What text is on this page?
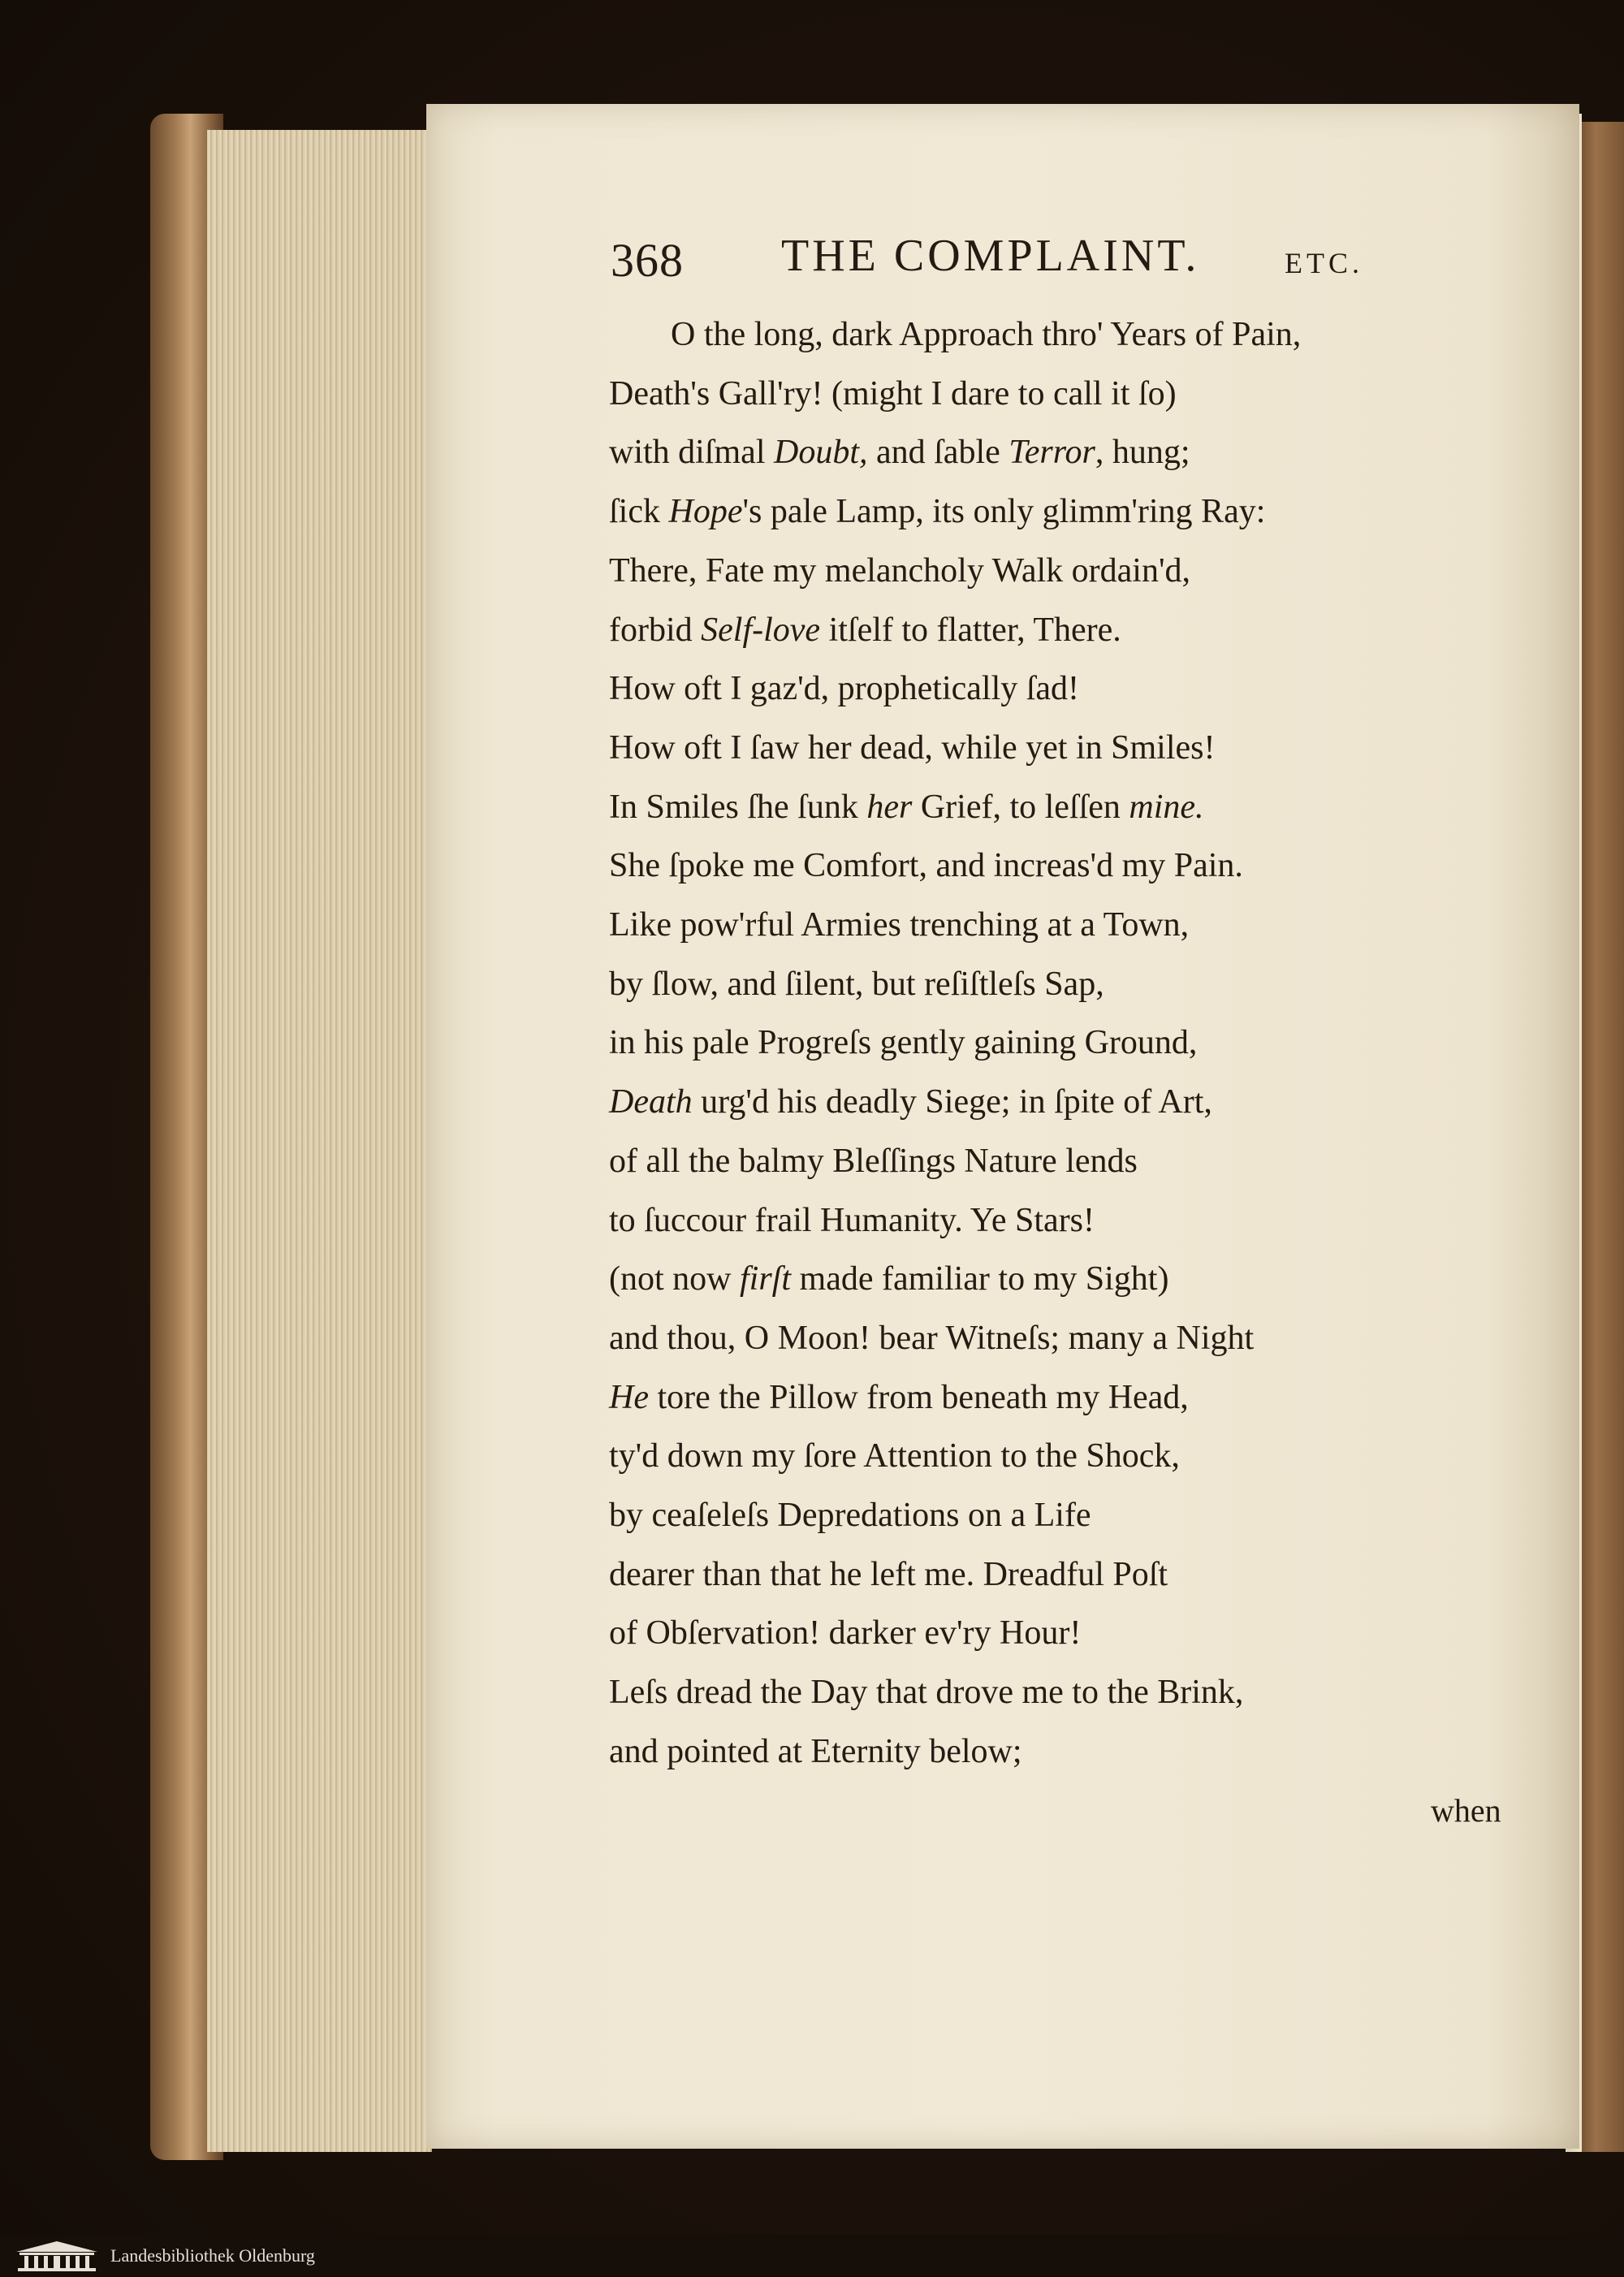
368 THE COMPLAINT.	ETC.
O the long, dark Approach thro' Years of Pain,
Death's Gall'ry! (might I dare to call it ſo)
with diſmal Doubt, and ſable Terror, hung;
ſick Hope's pale Lamp, its only glimm'ring Ray:
There, Fate my melancholy Walk ordain'd,
forbid Self-love itſelf to flatter, There.
How oft I gaz'd, prophetically ſad!
How oft I ſaw her dead, while yet in Smiles!
In Smiles ſhe ſunk her Grief, to leſſen mine.
She ſpoke me Comfort, and increas'd my Pain.
Like pow'rful Armies trenching at a Town,
by ſlow, and ſilent, but reſiſtleſs Sap,
in his pale Progreſs gently gaining Ground,
Death urg'd his deadly Siege; in ſpite of Art,
of all the balmy Bleſſings Nature lends
to ſuccour frail Humanity. Ye Stars!
(not now firſt made familiar to my Sight)
and thou, O Moon! bear Witneſs; many a Night
He tore the Pillow from beneath my Head,
ty'd down my ſore Attention to the Shock,
by ceaſeleſs Depredations on a Life
dearer than that he left me. Dreadful Poſt
of Obſervation! darker ev'ry Hour!
Leſs dread the Day that drove me to the Brink,
and pointed at Eternity below;
when
Landesbibliothek Oldenburg
